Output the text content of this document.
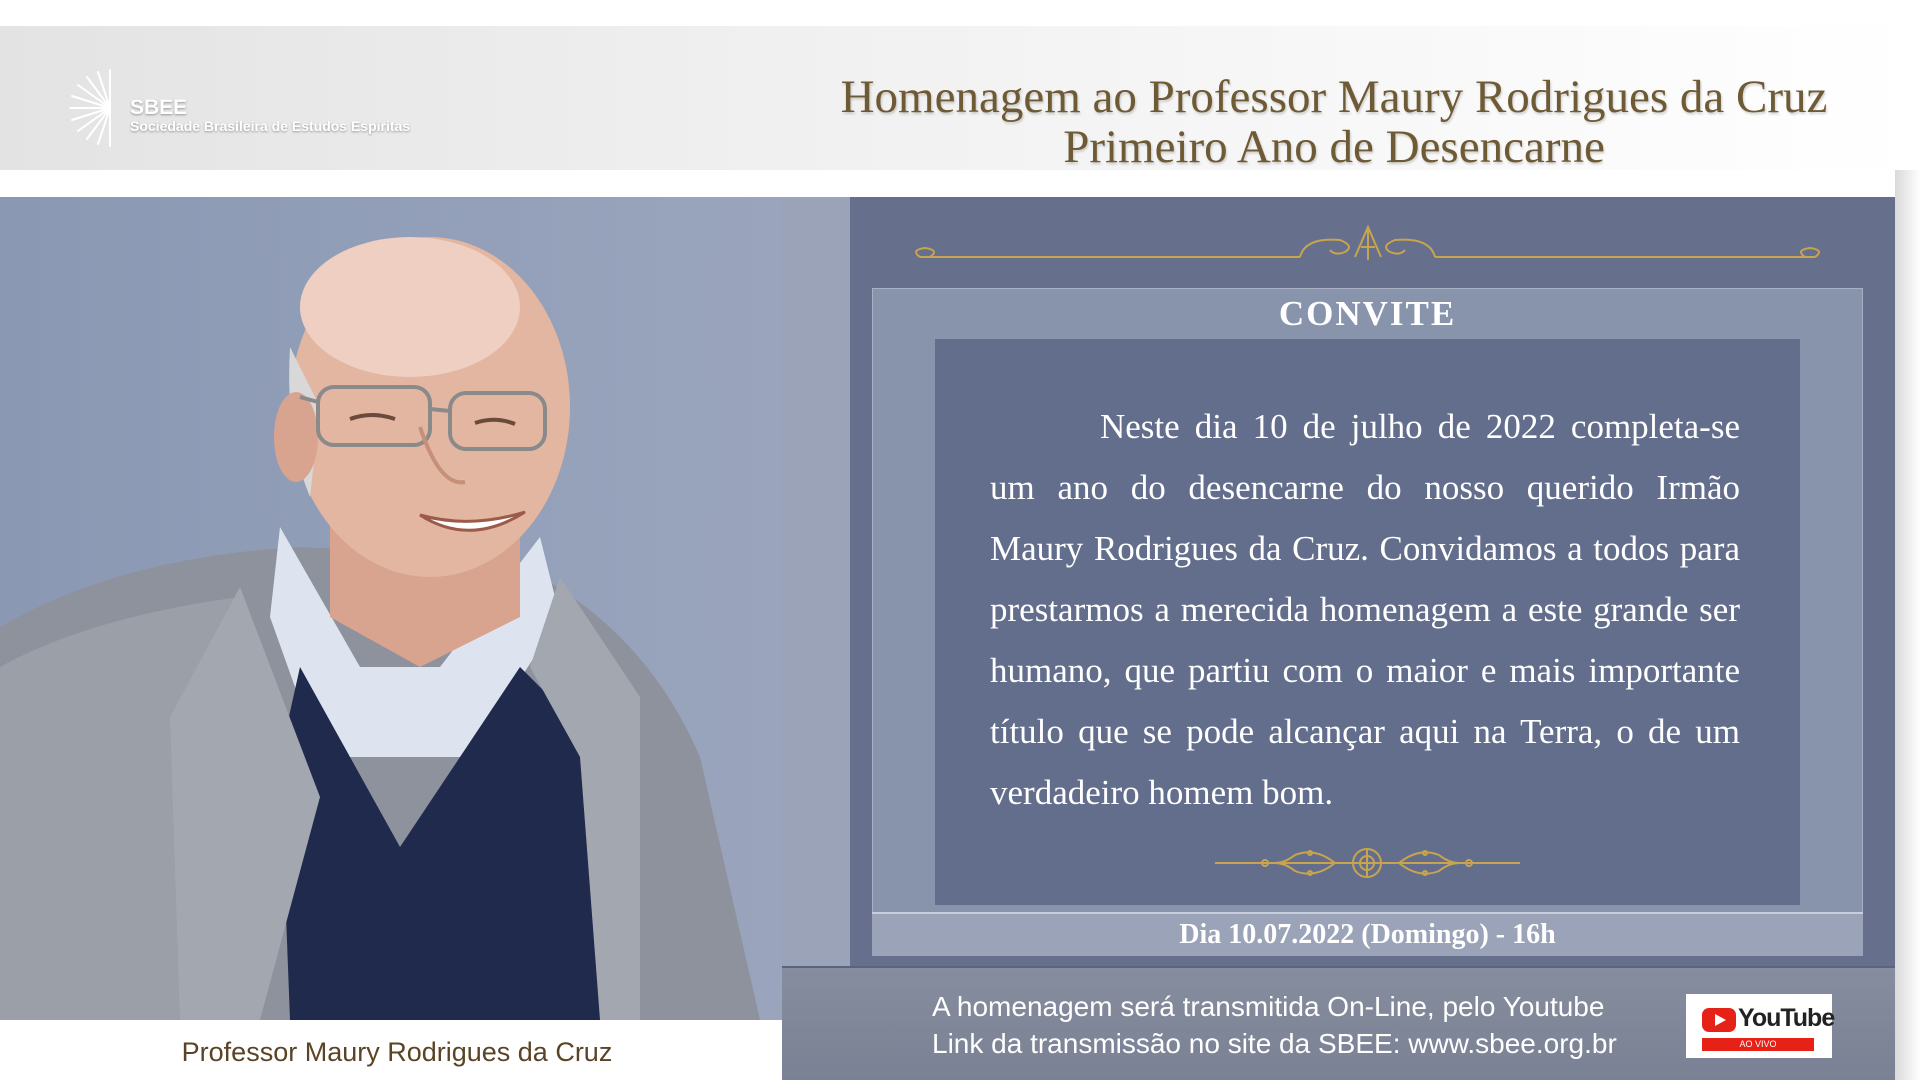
SBEE
Sociedade Brasileira de Estudos Espíritas
Homenagem ao Professor Maury Rodrigues da Cruz
Primeiro Ano de Desencarne
Professor Maury Rodrigues da Cruz
CONVITE
Neste dia 10 de julho de 2022 completa-se um ano do desencarne do nosso querido Irmão Maury Rodrigues da Cruz. Convidamos a todos para prestarmos a merecida homenagem a este grande ser humano, que partiu com o maior e mais importante título que se pode alcançar aqui na Terra, o de um verdadeiro homem bom.
Dia 10.07.2022 (Domingo) - 16h
A homenagem será transmitida On-Line, pelo Youtube
Link da transmissão no site da SBEE: www.sbee.org.br
YouTube
AO VIVO
